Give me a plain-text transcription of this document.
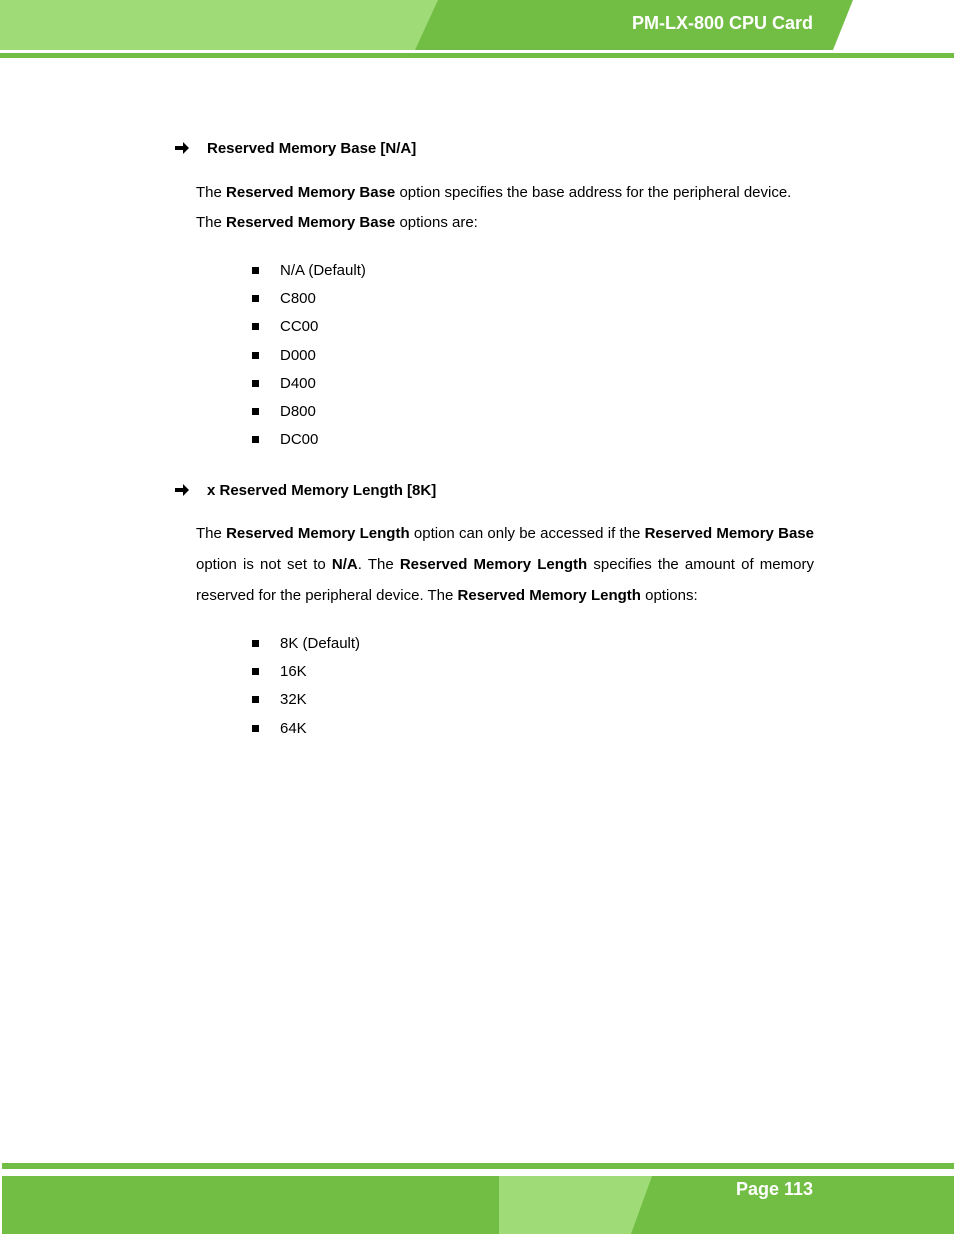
PM-LX-800 CPU Card
Reserved Memory Base [N/A]
The Reserved Memory Base option specifies the base address for the peripheral device.
The Reserved Memory Base options are:
N/A (Default)
C800
CC00
D000
D400
D800
DC00
x Reserved Memory Length [8K]
The Reserved Memory Length option can only be accessed if the Reserved Memory Base option is not set to N/A. The Reserved Memory Length specifies the amount of memory reserved for the peripheral device. The Reserved Memory Length options:
8K (Default)
16K
32K
64K
Page 113
